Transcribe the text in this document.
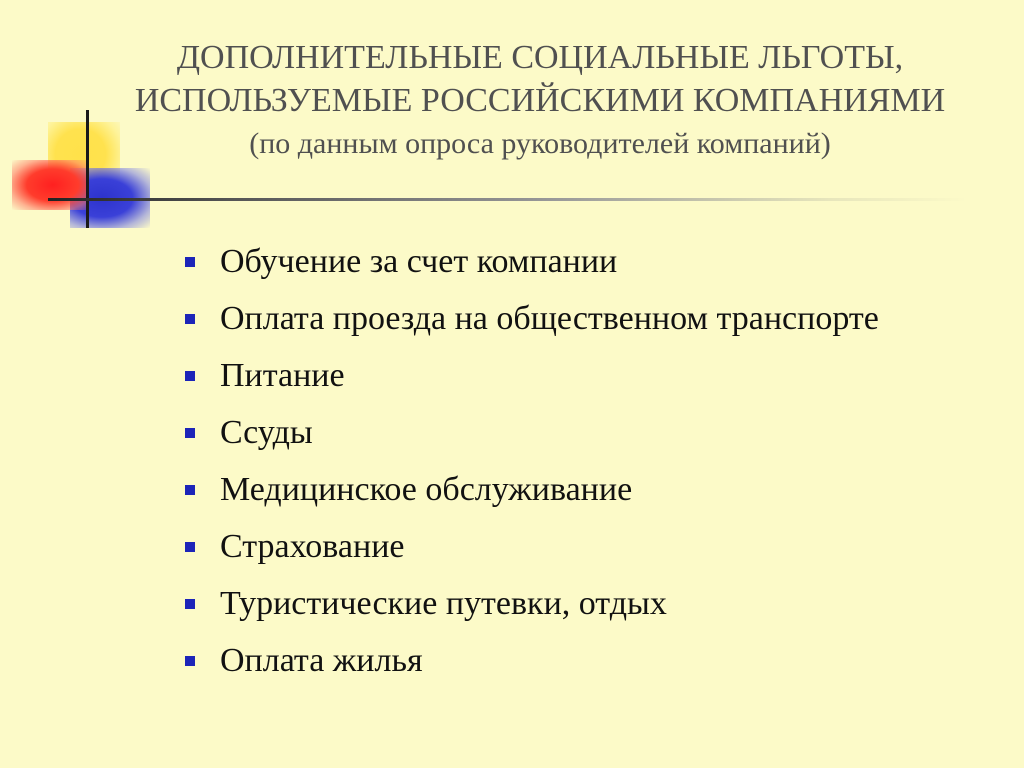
ДОПОЛНИТЕЛЬНЫЕ СОЦИАЛЬНЫЕ ЛЬГОТЫ,
ИСПОЛЬЗУЕМЫЕ РОССИЙСКИМИ КОМПАНИЯМИ
(по данным опроса руководителей компаний)
Обучение за счет компании
Оплата проезда на общественном транспорте
Питание
Ссуды
Медицинское обслуживание
Страхование
Туристические путевки, отдых
Оплата жилья
